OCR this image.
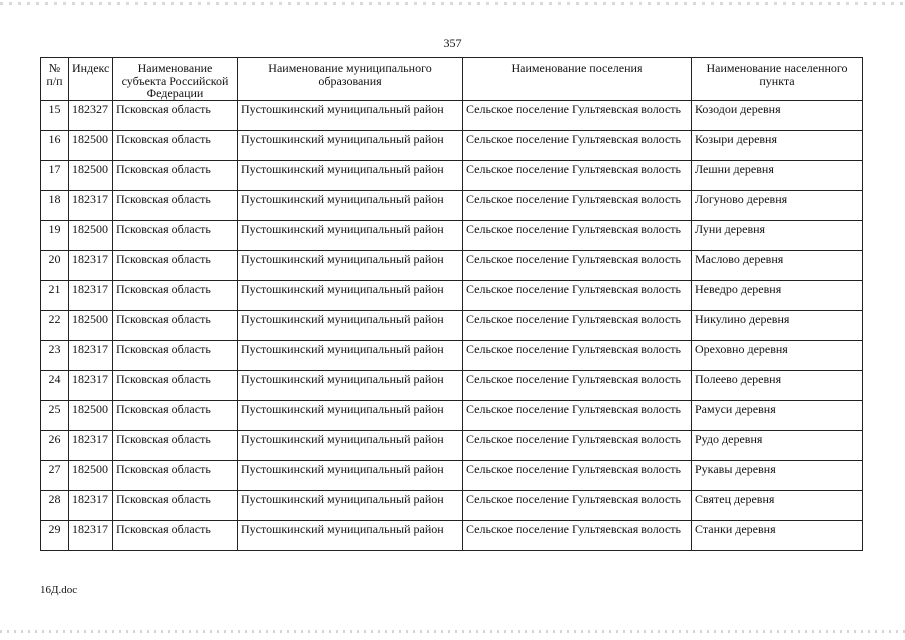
357
№ п/п	Индекс	Наименование субъекта Российской Федерации	Наименование муниципального образования	Наименование поселения	Наименование населенного пункта
15	182327	Псковская область	Пустошкинский муниципальный район	Сельское поселение Гультяевская волость	Козодои деревня
16	182500	Псковская область	Пустошкинский муниципальный район	Сельское поселение Гультяевская волость	Козыри деревня
17	182500	Псковская область	Пустошкинский муниципальный район	Сельское поселение Гультяевская волость	Лешни деревня
18	182317	Псковская область	Пустошкинский муниципальный район	Сельское поселение Гультяевская волость	Логуново деревня
19	182500	Псковская область	Пустошкинский муниципальный район	Сельское поселение Гультяевская волость	Луни деревня
20	182317	Псковская область	Пустошкинский муниципальный район	Сельское поселение Гультяевская волость	Маслово деревня
21	182317	Псковская область	Пустошкинский муниципальный район	Сельское поселение Гультяевская волость	Неведро деревня
22	182500	Псковская область	Пустошкинский муниципальный район	Сельское поселение Гультяевская волость	Никулино деревня
23	182317	Псковская область	Пустошкинский муниципальный район	Сельское поселение Гультяевская волость	Ореховно деревня
24	182317	Псковская область	Пустошкинский муниципальный район	Сельское поселение Гультяевская волость	Полеево деревня
25	182500	Псковская область	Пустошкинский муниципальный район	Сельское поселение Гультяевская волость	Рамуси деревня
26	182317	Псковская область	Пустошкинский муниципальный район	Сельское поселение Гультяевская волость	Рудо деревня
27	182500	Псковская область	Пустошкинский муниципальный район	Сельское поселение Гультяевская волость	Рукавы деревня
28	182317	Псковская область	Пустошкинский муниципальный район	Сельское поселение Гультяевская волость	Святец деревня
29	182317	Псковская область	Пустошкинский муниципальный район	Сельское поселение Гультяевская волость	Станки деревня
16Д.doc
